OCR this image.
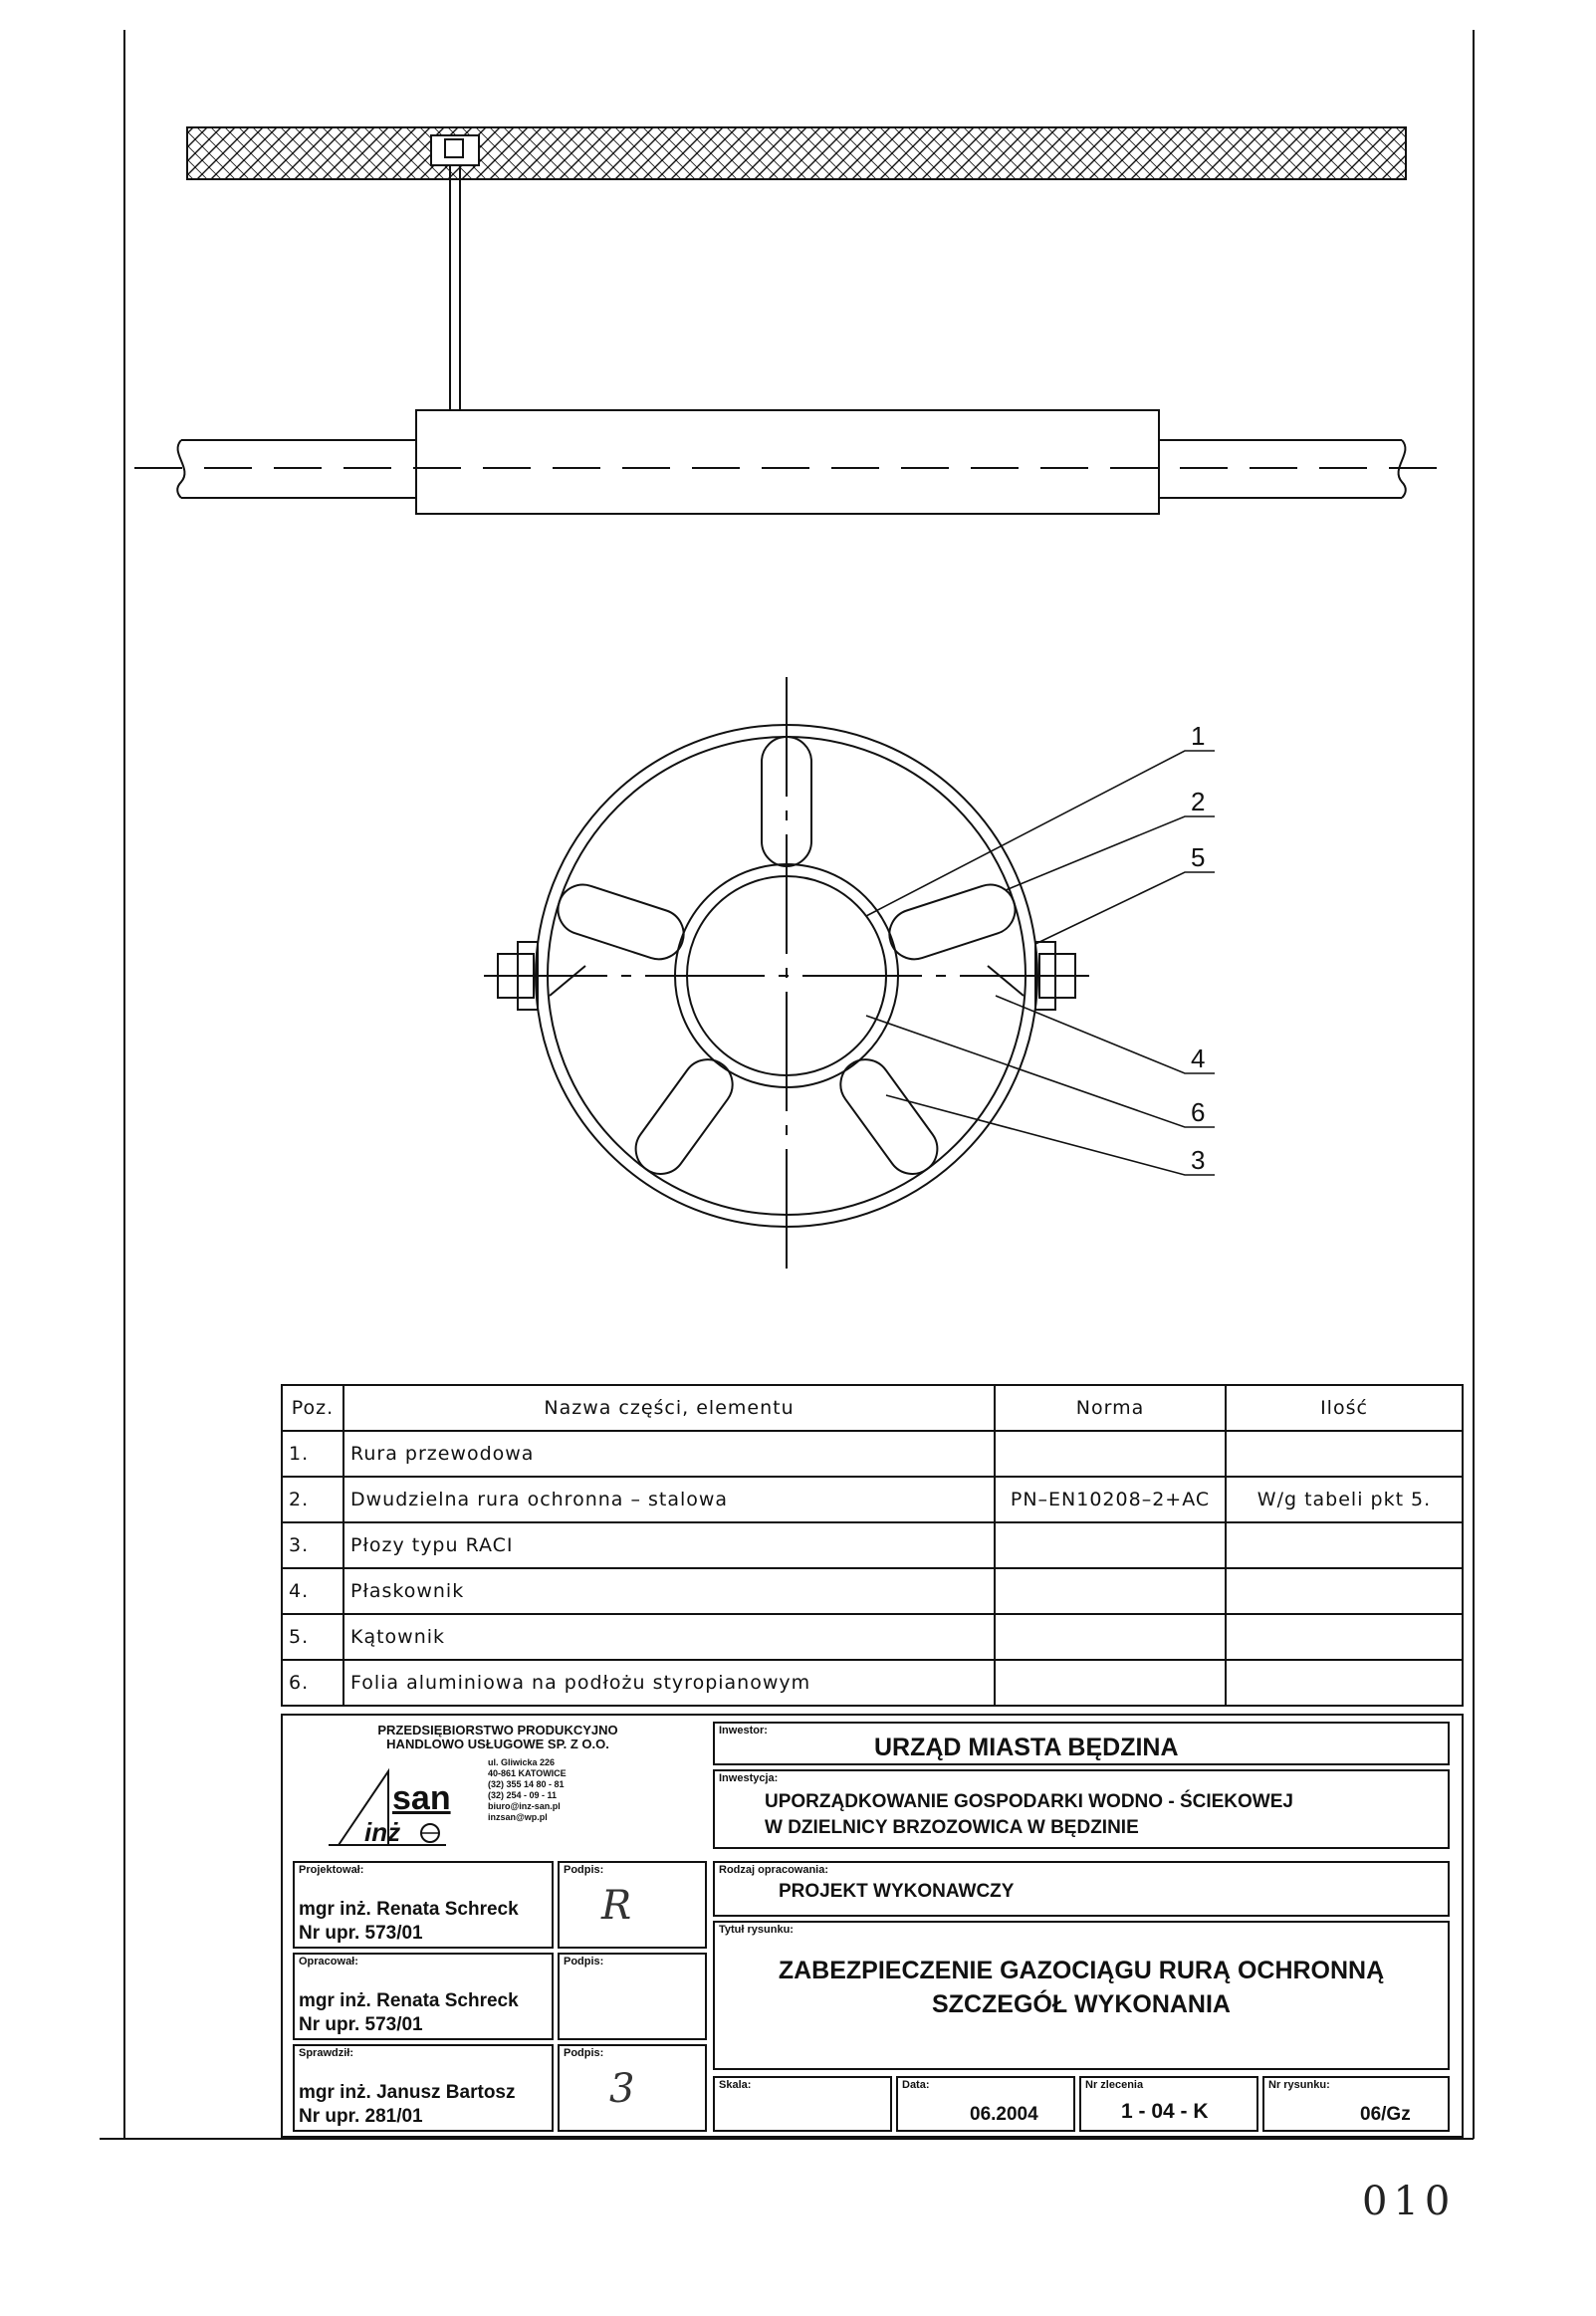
1
2
5
4
6
3
Poz.	Nazwa części, elementu	Norma	Ilość
1.	Rura przewodowa		
2.	Dwudzielna rura ochronna – stalowa	PN–EN10208–2+AC	W/g tabeli pkt 5.
3.	Płozy typu RACI		
4.	Płaskownik		
5.	Kątownik		
6.	Folia aluminiowa na podłożu styropianowym		
PRZEDSIĘBIORSTWO PRODUKCYJNO
HANDLOWO USŁUGOWE SP. Z O.O.
san
inż
ul. Gliwicka 226
40-861 KATOWICE
(32) 355 14 80 - 81
(32) 254 - 09 - 11
biuro@inz-san.pl
inzsan@wp.pl
Projektował:
mgr inż. Renata Schreck
Nr upr. 573/01
Podpis:
R
Opracował:
mgr inż. Renata Schreck
Nr upr. 573/01
Podpis:
Sprawdził:
mgr inż. Janusz Bartosz
Nr upr. 281/01
Podpis:
3
Inwestor:
URZĄD MIASTA BĘDZINA
Inwestycja:
UPORZĄDKOWANIE GOSPODARKI WODNO - ŚCIEKOWEJ
W DZIELNICY BRZOZOWICA W BĘDZINIE
Rodzaj opracowania:
PROJEKT WYKONAWCZY
Tytuł rysunku:
ZABEZPIECZENIE GAZOCIĄGU RURĄ OCHRONNĄ
SZCZEGÓŁ WYKONANIA
Skala:	Data:
06.2004
Nr zlecenia
1 - 04 - K
Nr rysunku:
06/Gz
010
